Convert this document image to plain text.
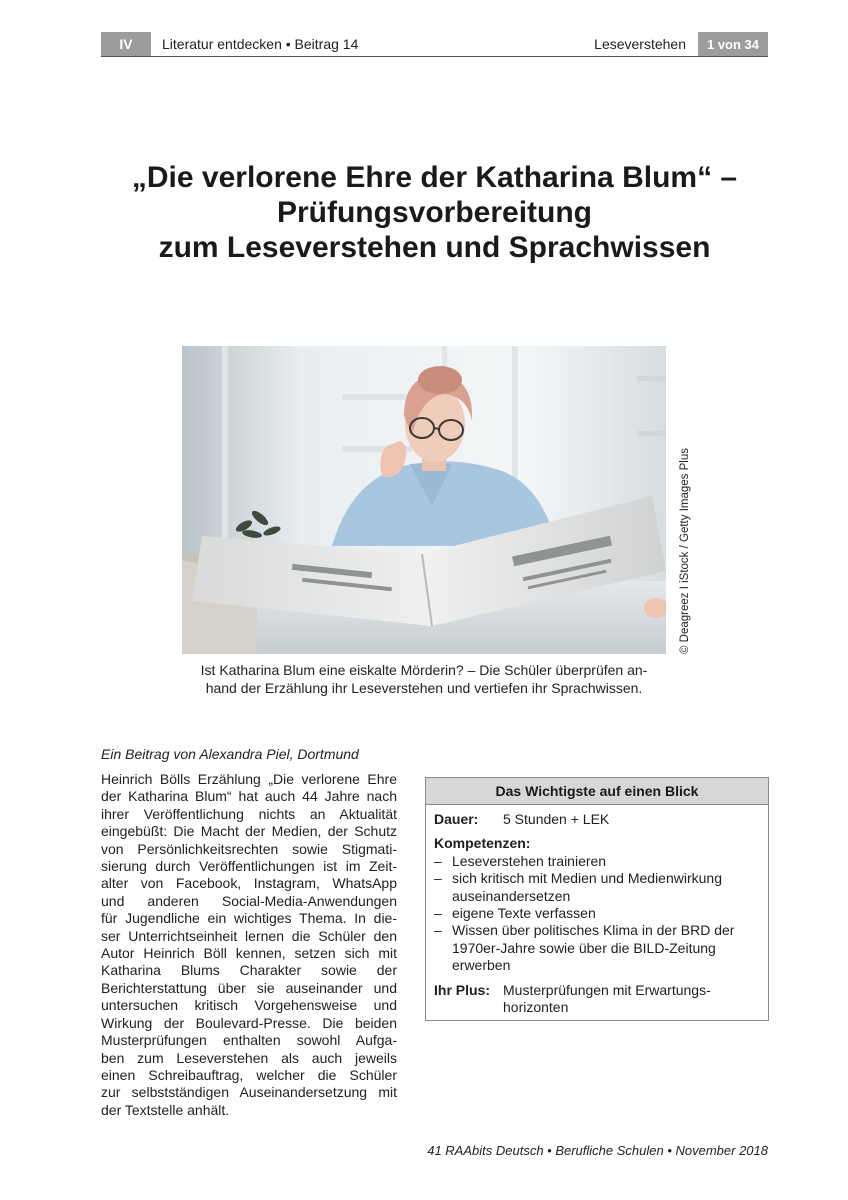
IV	Literatur entdecken • Beitrag 14	Leseverstehen	1 von 34
„Die verlorene Ehre der Katharina Blum“ –
Prüfungsvorbereitung
zum Leseverstehen und Sprachwissen
© Deagreez I iStock / Getty Images Plus
Ist Katharina Blum eine eiskalte Mörderin? – Die Schüler überprüfen an-
hand der Erzählung ihr Leseverstehen und vertiefen ihr Sprachwissen.
Ein Beitrag von Alexandra Piel, Dortmund
Heinrich Bölls Erzählung „Die verlorene Ehre
der Katharina Blum“ hat auch 44 Jahre nach
ihrer Veröffentlichung nichts an Aktualität
eingebüßt: Die Macht der Medien, der Schutz
von Persönlichkeitsrechten sowie Stigmati-
sierung durch Veröffentlichungen ist im Zeit-
alter von Facebook, Instagram, WhatsApp
und anderen Social-Media-Anwendungen
für Jugendliche ein wichtiges Thema. In die-
ser Unterrichtseinheit lernen die Schüler den
Autor Heinrich Böll kennen, setzen sich mit
Katharina Blums Charakter sowie der
Berichterstattung über sie auseinander und
untersuchen kritisch Vorgehensweise und
Wirkung der Boulevard-Presse. Die beiden
Musterprüfungen enthalten sowohl Aufga-
ben zum Leseverstehen als auch jeweils
einen Schreibauftrag, welcher die Schüler
zur selbstständigen Auseinandersetzung mit
der Textstelle anhält.
Das Wichtigste auf einen Blick
Dauer:	5 Stunden + LEK
Kompetenzen:
– Leseverstehen trainieren
– sich kritisch mit Medien und Medienwirkung auseinandersetzen
– eigene Texte verfassen
– Wissen über politisches Klima in der BRD der 1970er-Jahre sowie über die BILD-Zeitung erwerben
Ihr Plus: Musterprüfungen mit Erwartungs- horizonten
41 RAAbits Deutsch • Berufliche Schulen • November 2018
